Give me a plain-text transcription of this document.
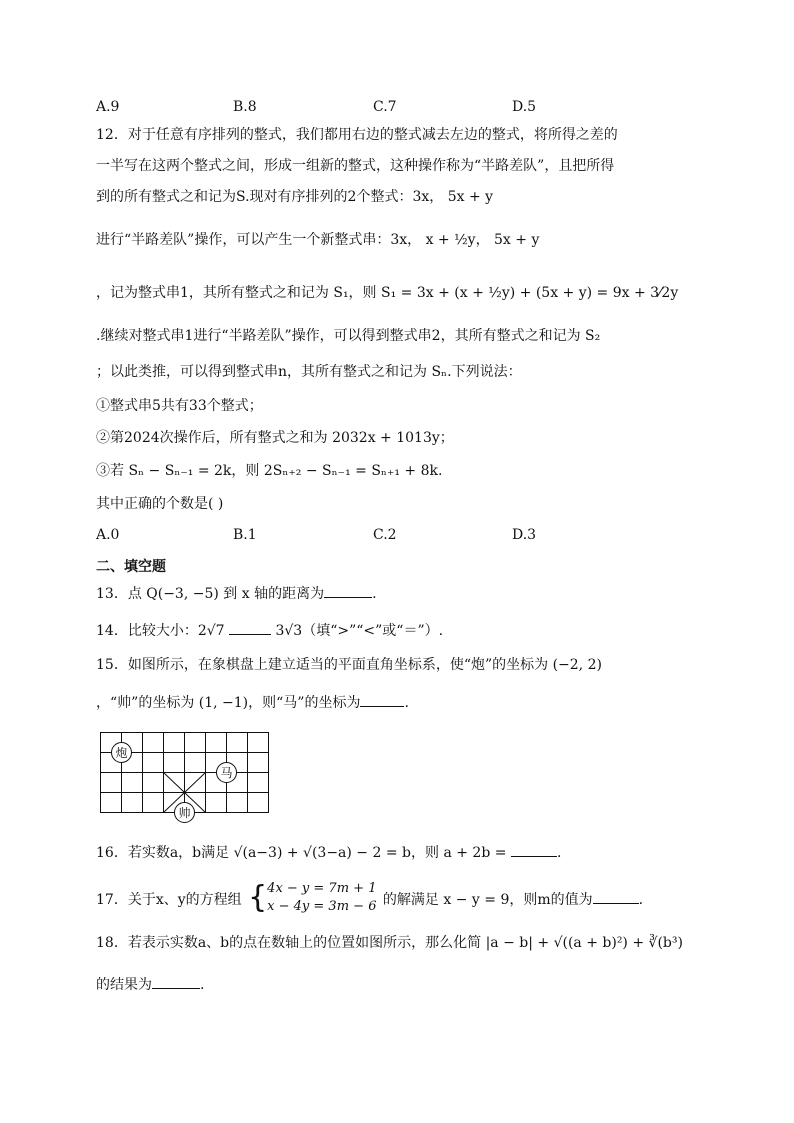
A.9	B.8	C.7	D.5
12．对于任意有序排列的整式，我们都用右边的整式减去左边的整式，将所得之差的
一半写在这两个整式之间，形成一组新的整式，这种操作称为“半路差队”，且把所得
到的所有整式之和记为S.现对有序排列的2个整式：3x， 5x + y
进行“半路差队”操作，可以产生一个新整式串：3x， x + ½y， 5x + y
，记为整式串1，其所有整式之和记为 S₁，则 S₁ = 3x + (x + ½y) + (5x + y) = 9x + 3⁄2y
.继续对整式串1进行“半路差队”操作，可以得到整式串2，其所有整式之和记为 S₂
；以此类推，可以得到整式串n，其所有整式之和记为 Sₙ.下列说法：
①整式串5共有33个整式；
②第2024次操作后，所有整式之和为 2032x + 1013y；
③若 Sₙ − Sₙ₋₁ = 2k，则 2Sₙ₊₂ − Sₙ₋₁ = Sₙ₊₁ + 8k.
其中正确的个数是( )
A.0	B.1	C.2	D.3
二、填空题
13．点 Q(−3, −5) 到 x 轴的距离为	.
14．比较大小：2√7	3√3（填“>”“<”或“＝”）.
15．如图所示，在象棋盘上建立适当的平面直角坐标系，使“炮”的坐标为 (−2, 2)
，“帅”的坐标为 (1, −1)，则“马”的坐标为	.
炮
马
帅
16．若实数a，b满足 √(a−3) + √(3−a) − 2 = b，则 a + 2b =	.
17．关于x、y的方程组 { 4x − y = 7m + 1
x − 4y = 3m − 6 的解满足 x − y = 9，则m的值为	.
18．若表示实数a、b的点在数轴上的位置如图所示，那么化简 |a − b| + √((a + b)²) + ∛(b³)
的结果为	.
